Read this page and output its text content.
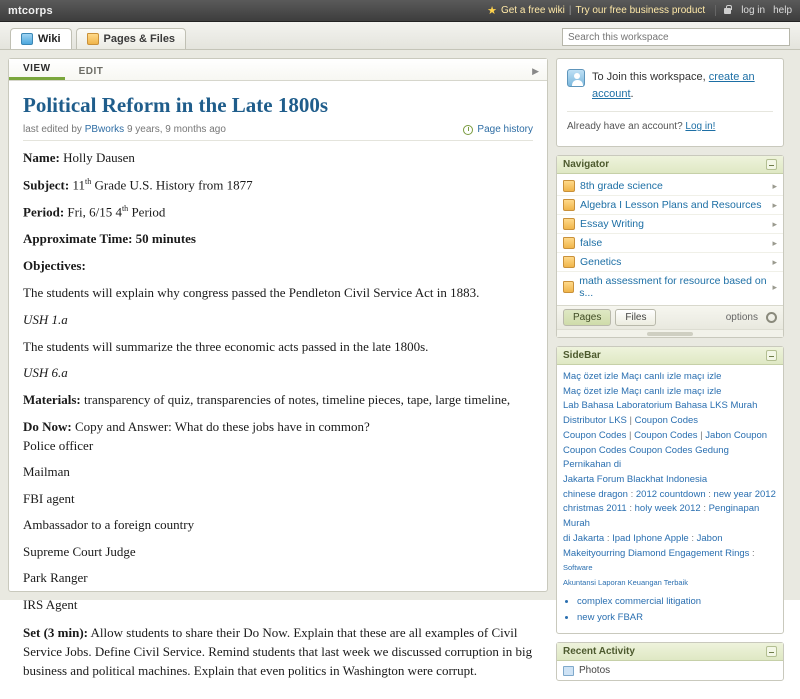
mtcorps	★ Get a free wiki | Try our free business product	log in help
Wiki	Pages & Files
Search this workspace
VIEW	EDIT	▶
Political Reform in the Late 1800s
last edited by
PBworks
9 years, 9 months ago	Page history

Name: Holly Dausen

Subject: 11th Grade U.S. History from 1877

Period: Fri, 6/15 4th Period

Approximate Time: 50 minutes

Objectives:

The students will explain why congress passed the Pendleton Civil Service Act in 1883.

USH 1.a

The students will summarize the three economic acts passed in the late 1800s.

USH 6.a

Materials: transparency of quiz, transparencies of notes, timeline pieces, tape, large timeline,

Do Now: Copy and Answer: What do these jobs have in common?

Police officer

Mailman

FBI agent

Ambassador to a foreign country

Supreme Court Judge

Park Ranger

IRS Agent

Set (3 min): Allow students to share their Do Now. Explain that these are all examples of Civil Service Jobs. Define Civil Service. Remind students that last week we discussed corruption in big business and political machines. Explain that even politics in Washington were corrupt.

To Join this workspace, create an account.
Already have an account? Log in!
Navigator
8th grade science	▸
Algebra I Lesson Plans and Resources ▸
Essay Writing	▸
false	▸
Genetics	▸
math assessment for resource based on s...
▸
Pages	Files	options
SideBar
Maç özet izle Maçı canlı izle maçı izle
Maç özet izle Maçı canlı izle maçı izle
Lab Bahasa Laboratorium Bahasa LKS Murah
Distributor LKS | Coupon Codes
Coupon Codes | Coupon Codes | Jabon Coupon
Coupon Codes Coupon Codes Gedung Pernikahan di
Jakarta Forum Blackhat Indonesia
chinese dragon : 2012 countdown : new year 2012
christmas 2011 : holy week 2012 : Penginapan Murah
di Jakarta : Ipad Iphone Apple : Jabon
Makeityourring Diamond Engagement Rings : Software
Akuntansi Laporan Keuangan Terbaik
• complex commercial litigation
• new york FBAR
Recent Activity
Photos
